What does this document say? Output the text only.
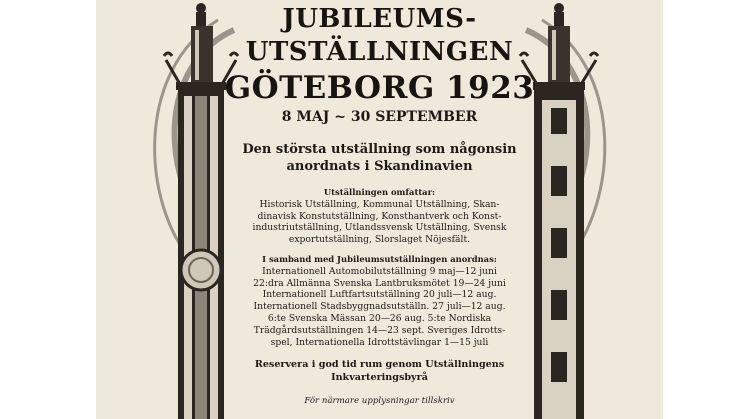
JUBILEUMS-
UTSTÄLLNINGEN
GÖTEBORG 1923
8 MAJ ~ 30 SEPTEMBER
Den största utställning som någonsin
anordnats i Skandinavien
Utställningen omfattar:
Historisk Utställning, Kommunal Utställning, Skan-
dinavisk Konstutställning, Konsthantverk och Konst-
industriutställning, Utlandssvensk Utställning, Svensk
exportutställning, Slorslaget Nöjesfält.
I samband med Jubileumsutställningen anordnas:
Internationell Automobilutställning 9 maj—12 juni
22:dra Allmänna Svenska Lantbruksmötet 19—24 juni
Internationell Luftfartsutställning 20 juli—12 aug.
Internationell Stadsbyggnadsutställn. 27 juli—12 aug.
6:te Svenska Mässan 20—26 aug. 5:te Nordiska
Trädgårdsutställningen 14—23 sept. Sveriges Idrotts-
spel, Internationella Idrottstävlingar 1—15 juli
Reservera i god tid rum genom Utställningens
Inkvarteringsbyrå
För närmare upplysningar tillskriv
